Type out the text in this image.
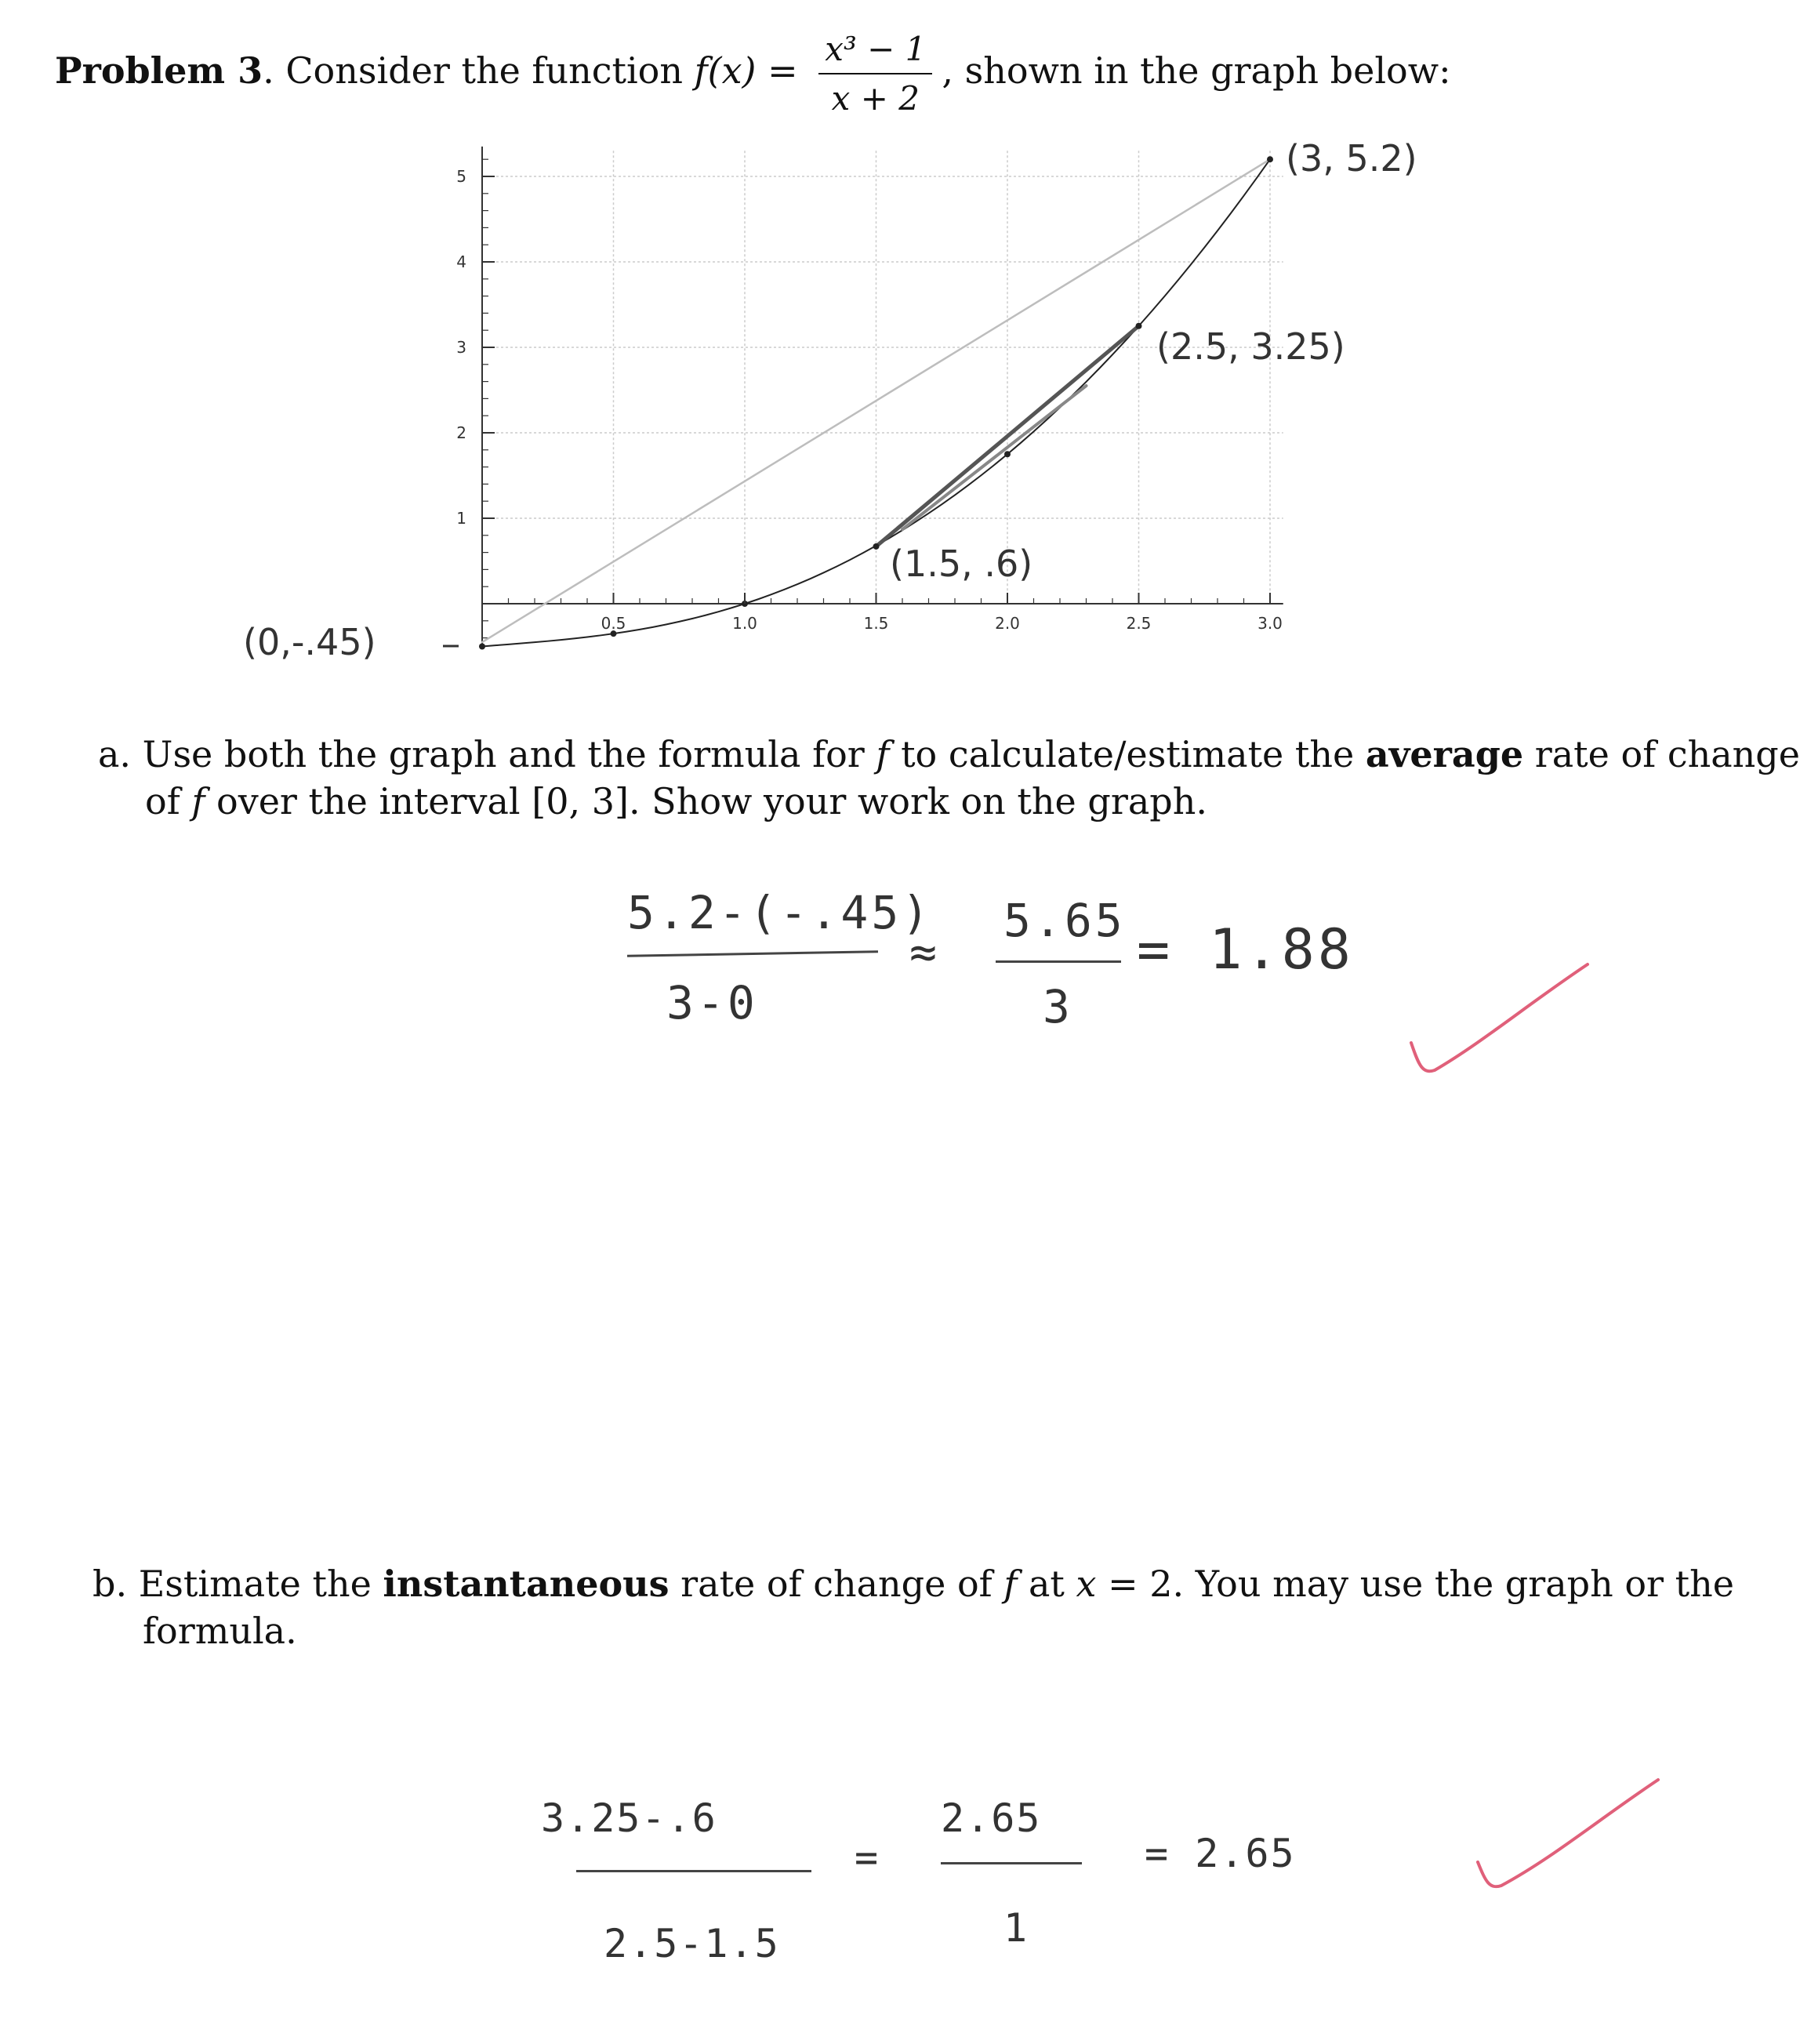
Problem 3. Consider the function $f(x) = \frac{\text{x³ − 1}}{x + 2}$ , shown in the graph below:
0.5	1.0	1.5	2.0	2.5	3.0
1
2
3
4
5	(3, 5.2)
(2.5, 3.25)
(1.5, .6)
(0,-.45)
a. Use both the graph and the formula for f to calculate/estimate the average rate of change
of f over the interval [0, 3]. Show your work on the graph.
5.2-(-.45)
3-0
≈
5.65
3
= 1.88
b. Estimate the instantaneous rate of change of f at x = 2. You may use the graph or the
formula.
3.25-.6
2.5-1.5
=
2.65
1
= 2.65
